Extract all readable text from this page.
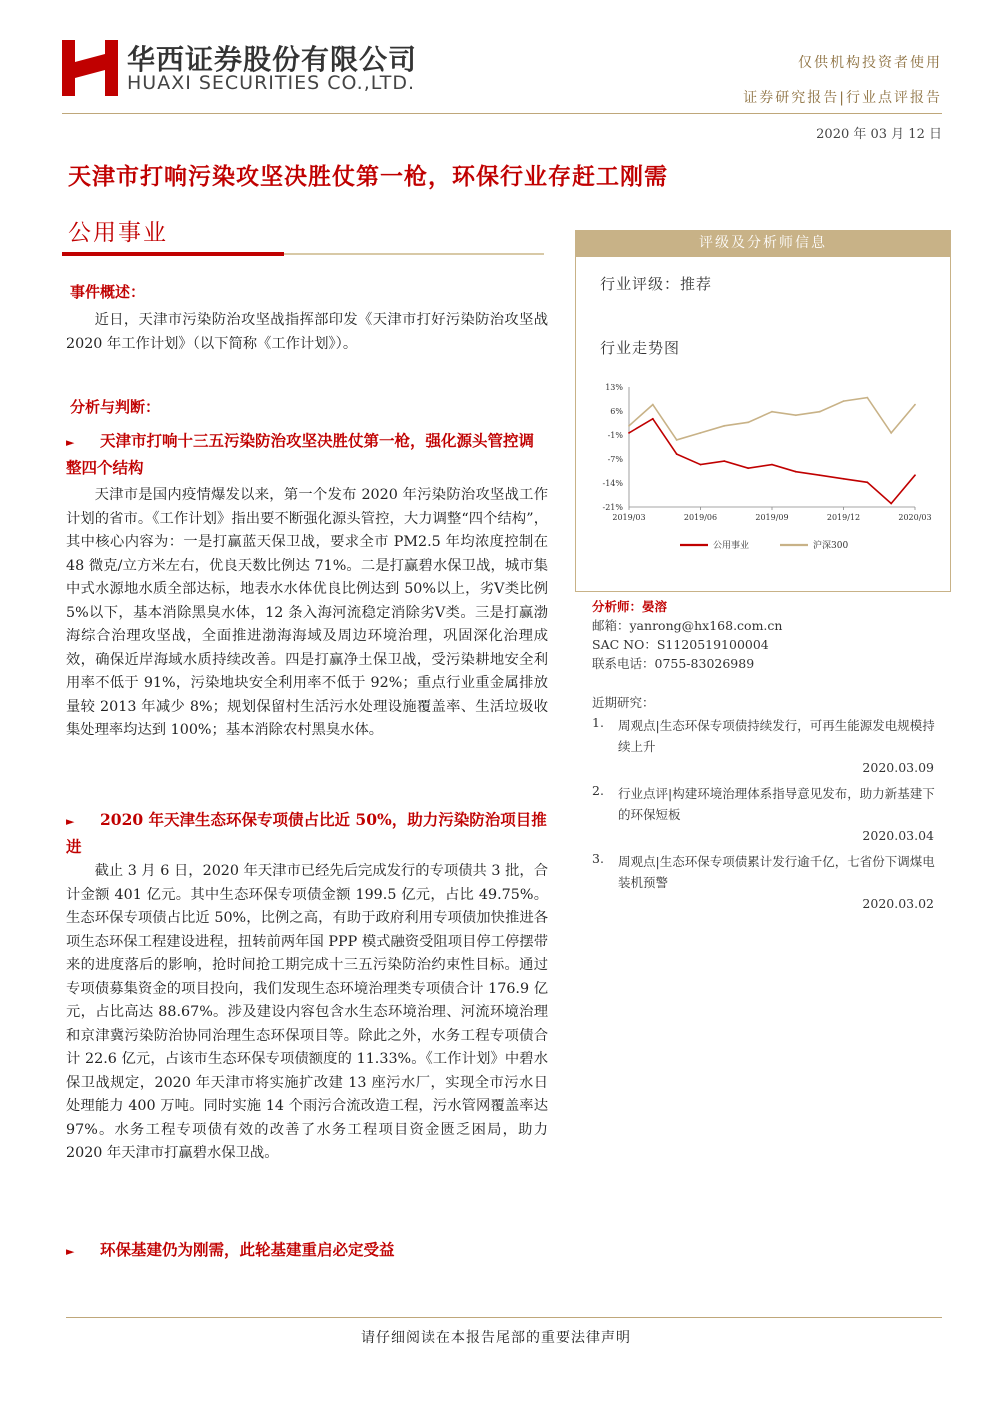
华西证券股份有限公司
HUAXI SECURITIES CO.,LTD.
仅供机构投资者使用
证券研究报告|行业点评报告
2020 年 03 月 12 日
天津市打响污染攻坚决胜仗第一枪，环保行业存赶工刚需
公用事业
事件概述：

近日，天津市污染防治攻坚战指挥部印发《天津市打好污染防治攻坚战 2020 年工作计划》（以下简称《工作计划》）。

分析与判断：
► 天津市打响十三五污染防治攻坚决胜仗第一枪，强化源头管控调整四个结构

天津市是国内疫情爆发以来，第一个发布 2020 年污染防治攻坚战工作计划的省市。《工作计划》指出要不断强化源头管控，大力调整“四个结构”，其中核心内容为：一是打赢蓝天保卫战，要求全市 PM2.5 年均浓度控制在 48 微克/立方米左右，优良天数比例达 71%。二是打赢碧水保卫战，城市集中式水源地水质全部达标，地表水水体优良比例达到 50%以上，劣Ⅴ类比例 5%以下，基本消除黑臭水体，12 条入海河流稳定消除劣Ⅴ类。三是打赢渤海综合治理攻坚战，全面推进渤海海域及周边环境治理，巩固深化治理成效，确保近岸海域水质持续改善。四是打赢净土保卫战，受污染耕地安全利用率不低于 91%，污染地块安全利用率不低于 92%；重点行业重金属排放量较 2013 年减少 8%；规划保留村生活污水处理设施覆盖率、生活垃圾收集处理率均达到 100%；基本消除农村黑臭水体。

► 2020 年天津生态环保专项债占比近 50%，助力污染防治项目推进

截止 3 月 6 日，2020 年天津市已经先后完成发行的专项债共 3 批，合计金额 401 亿元。其中生态环保专项债金额 199.5 亿元，占比 49.75%。生态环保专项债占比近 50%，比例之高，有助于政府利用专项债加快推进各项生态环保工程建设进程，扭转前两年国 PPP 模式融资受阻项目停工停摆带来的进度落后的影响，抢时间抢工期完成十三五污染防治约束性目标。通过专项债募集资金的项目投向，我们发现生态环境治理类专项债合计 176.9 亿元，占比高达 88.67%。涉及建设内容包含水生态环境治理、河流环境治理和京津冀污染防治协同治理生态环保项目等。除此之外，水务工程专项债合计 22.6 亿元，占该市生态环保专项债额度的 11.33%。《工作计划》中碧水保卫战规定，2020 年天津市将实施扩改建 13 座污水厂，实现全市污水日处理能力 400 万吨。同时实施 14 个雨污合流改造工程，污水管网覆盖率达 97%。水务工程专项债有效的改善了水务工程项目资金匮乏困局，助力 2020 年天津市打赢碧水保卫战。

► 环保基建仍为刚需，此轮基建重启必定受益
评级及分析师信息
行业评级：推荐
行业走势图
13%
6%
-1%
-7%
-14%
-21%
2019/03	2019/06	2019/09	2019/12	2020/03
公用事业	沪深300
分析师：晏溶
邮箱：yanrong@hx168.com.cn
SAC NO：S1120519100004
联系电话：0755-83026989
近期研究：
1. 周观点|生态环保专项债持续发行，可再生能源发电规模持续上升
2020.03.09
2. 行业点评|构建环境治理体系指导意见发布，助力新基建下的环保短板
2020.03.04
3. 周观点|生态环保专项债累计发行逾千亿，七省份下调煤电装机预警
2020.03.02
请仔细阅读在本报告尾部的重要法律声明
